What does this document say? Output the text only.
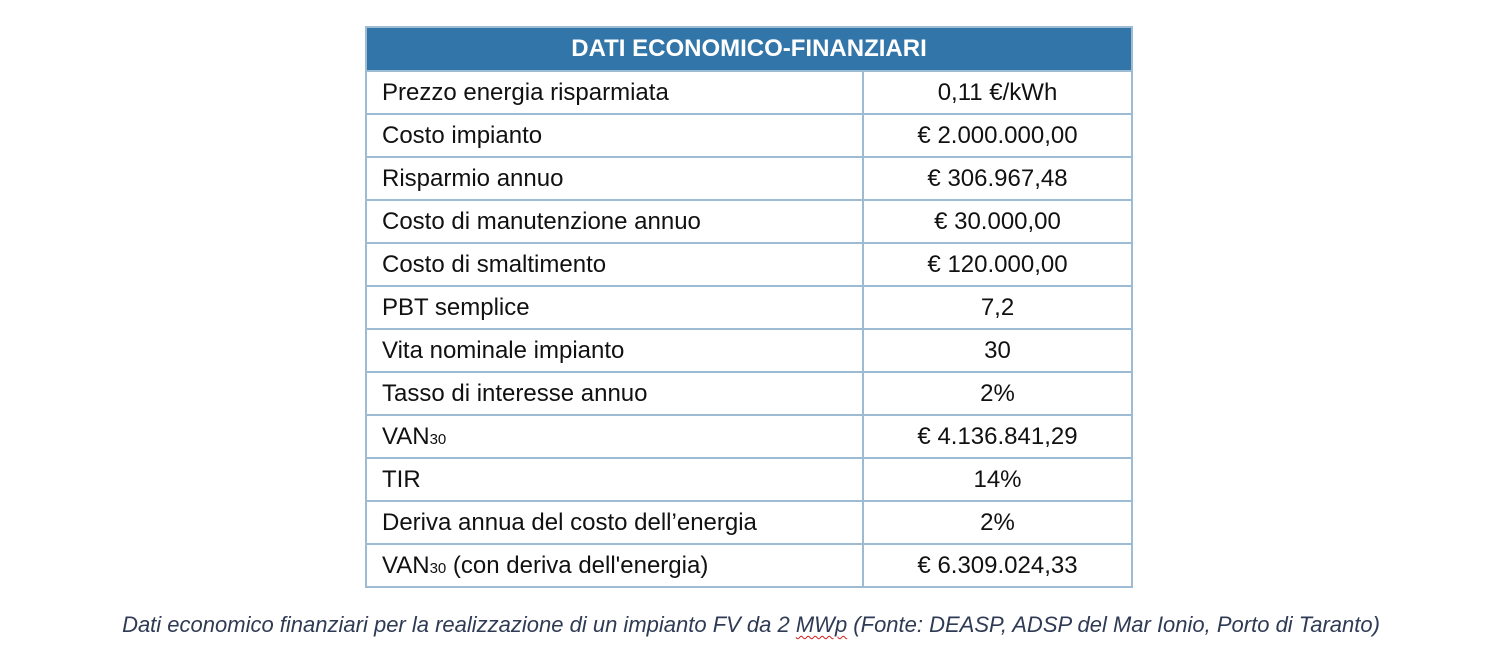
DATI ECONOMICO-FINANZIARI	
Prezzo energia risparmiata	0,11 €/kWh
Costo impianto	€ 2.000.000,00
Risparmio annuo	€ 306.967,48
Costo di manutenzione annuo	€ 30.000,00
Costo di smaltimento	€ 120.000,00
PBT semplice	7,2
Vita nominale impianto	30
Tasso di interesse annuo	2%
VAN30	€ 4.136.841,29
TIR	14%
Deriva annua del costo dell’energia	2%
VAN30 (con deriva dell'energia)	€ 6.309.024,33
Dati economico finanziari per la realizzazione di un impianto FV da 2 MWp (Fonte: DEASP, ADSP del Mar Ionio, Porto di Taranto)
